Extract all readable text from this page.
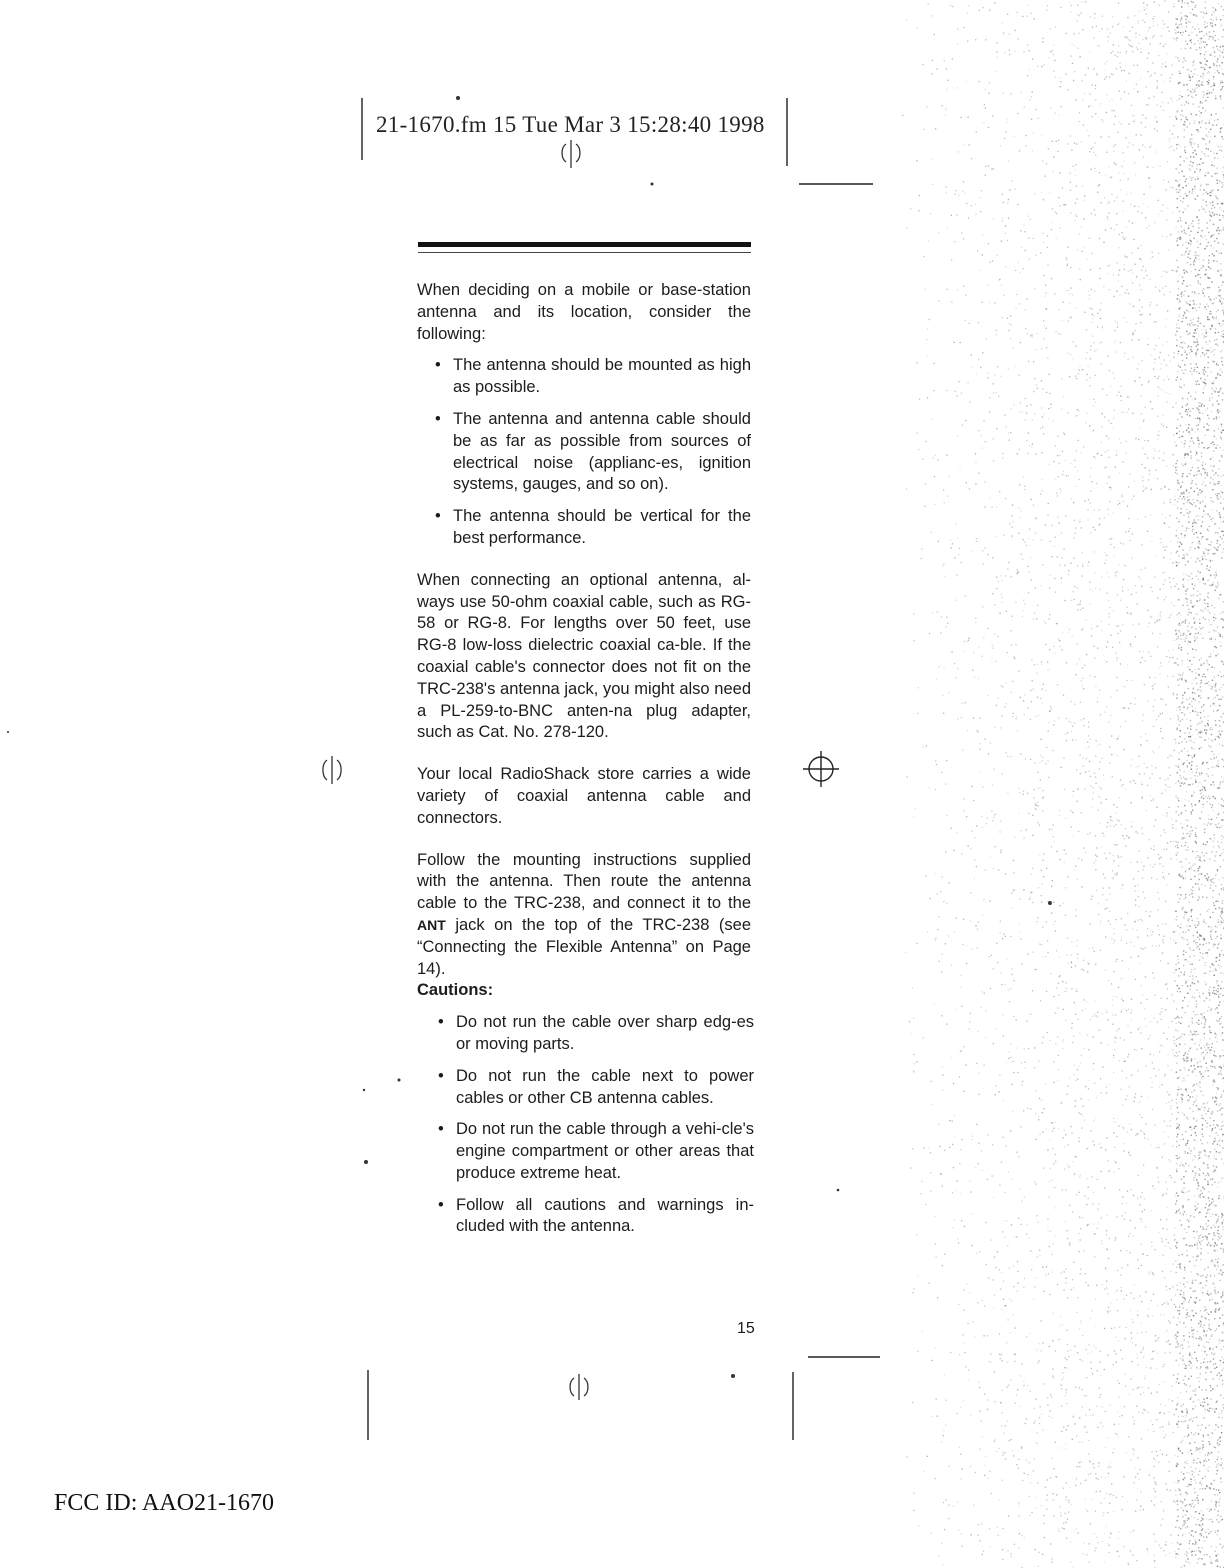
21-1670.fm 15 Tue Mar 3 15:28:40 1998

When deciding on a mobile or base-station antenna and its location, consider the following:

• The antenna should be mounted as high as possible.
• The antenna and antenna cable should be as far as possible from sources of electrical noise (applianc-es, ignition systems, gauges, and so on).
• The antenna should be vertical for the best performance.

When connecting an optional antenna, al-ways use 50-ohm coaxial cable, such as RG-58 or RG-8. For lengths over 50 feet, use RG-8 low-loss dielectric coaxial ca-ble. If the coaxial cable's connector does not fit on the TRC-238's antenna jack, you might also need a PL-259-to-BNC anten-na plug adapter, such as Cat. No. 278-120.

Your local RadioShack store carries a wide variety of coaxial antenna cable and connectors.

Follow the mounting instructions supplied with the antenna. Then route the antenna cable to the TRC-238, and connect it to the ANT jack on the top of the TRC-238 (see “Connecting the Flexible Antenna” on Page 14).

Cautions:

• Do not run the cable over sharp edg-es or moving parts.
• Do not run the cable next to power cables or other CB antenna cables.
• Do not run the cable through a vehi-cle's engine compartment or other areas that produce extreme heat.
• Follow all cautions and warnings in-cluded with the antenna.
15
FCC ID: AAO21-1670
